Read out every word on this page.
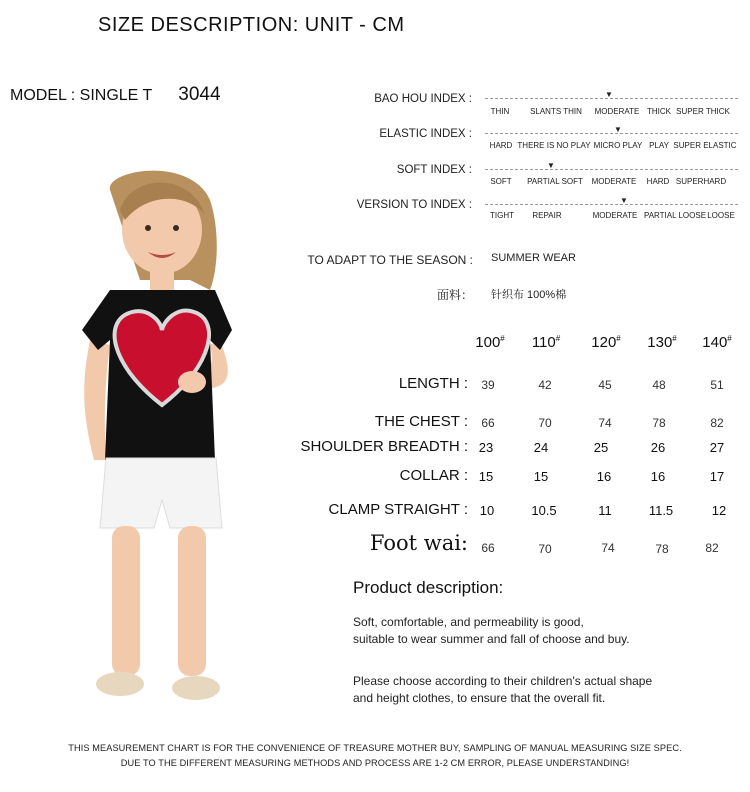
SIZE DESCRIPTION: UNIT - CM
MODEL : SINGLE T 3044	BAO HOU INDEX :	▼
THIN	SLANTS THIN MODERATE THICK SUPER THICK
ELASTIC INDEX :	▼
HARD THERE IS NO PLAY MICRO PLAY PLAY SUPER ELASTIC
SOFT INDEX :	▼
SOFT PARTIAL SOFT MODERATE HARD SUPERHARD
VERSION TO INDEX :	▼
TIGHT REPAIR	MODERATE PARTIAL LOOSE LOOSE
TO ADAPT TO THE SEASON : SUMMER WEAR
面料： 针织布 100%棉
100# 110# 120# 130# 140#
LENGTH : 39	42	45	48	51
THE CHEST : 66	70	74	78	82
SHOULDER BREADTH : 23	24	25	26	27
COLLAR : 15	15	16	16	17
CLAMP STRAIGHT : 10	10.5	11	11.5	12
Foot wai: 66	70	74	78	82
Product description:
Soft, comfortable, and permeability is good,
suitable to wear summer and fall of choose and buy.
Please choose according to their children's actual shape
and height clothes, to ensure that the overall fit.
THIS MEASUREMENT CHART IS FOR THE CONVENIENCE OF TREASURE MOTHER BUY, SAMPLING OF MANUAL MEASURING SIZE SPEC.
DUE TO THE DIFFERENT MEASURING METHODS AND PROCESS ARE 1-2 CM ERROR, PLEASE UNDERSTANDING!
